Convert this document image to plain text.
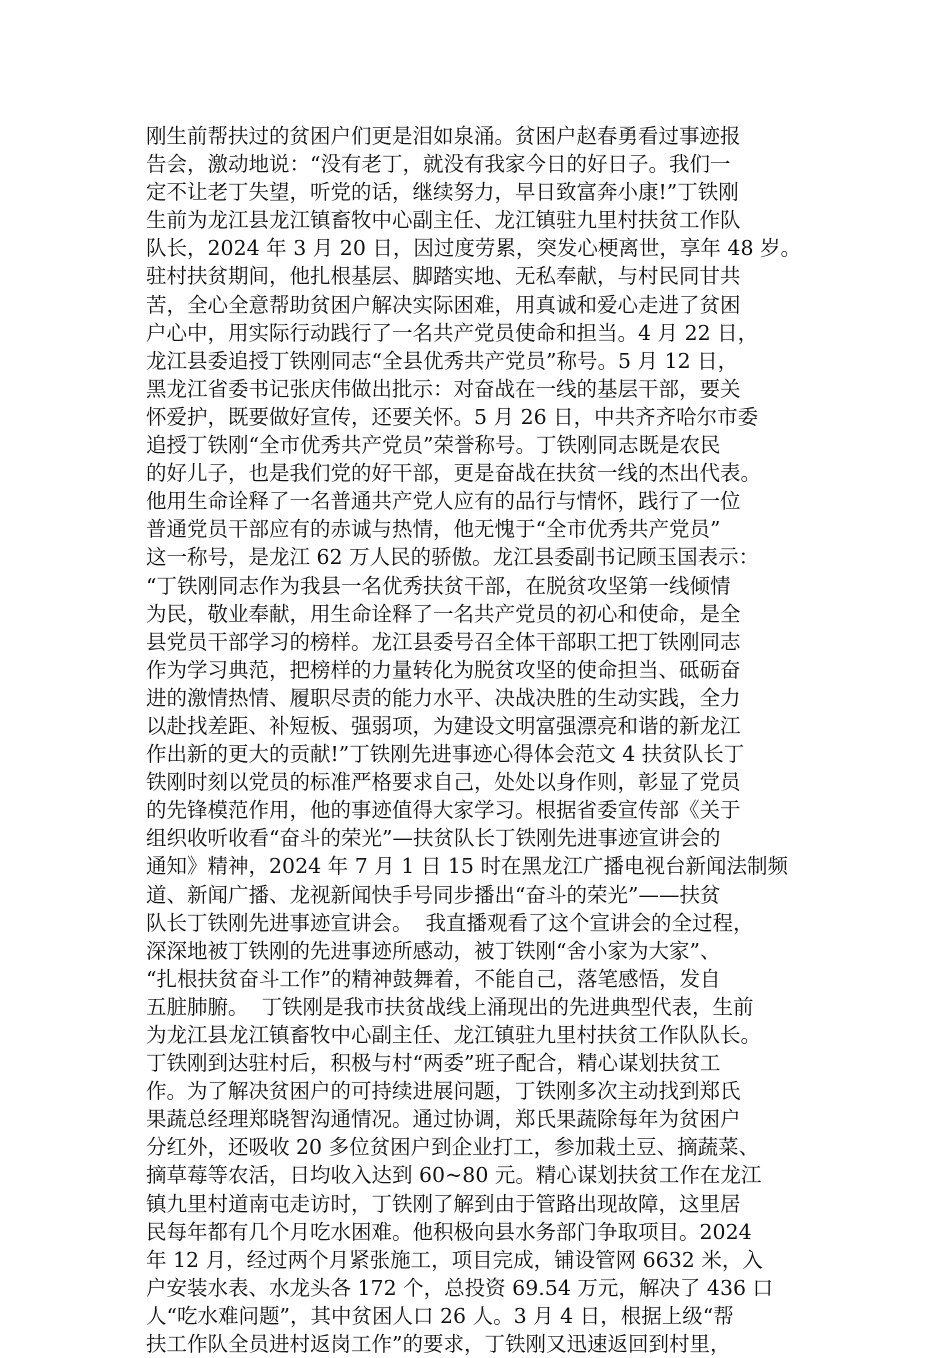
刚生前帮扶过的贫困户们更是泪如泉涌。贫困户赵春勇看过事迹报
告会，激动地说：“没有老丁，就没有我家今日的好日子。我们一
定不让老丁失望，听党的话，继续努力，早日致富奔小康!”丁铁刚
生前为龙江县龙江镇畜牧中心副主任、龙江镇驻九里村扶贫工作队
队长，2024 年 3 月 20 日，因过度劳累，突发心梗离世，享年 48 岁。
驻村扶贫期间，他扎根基层、脚踏实地、无私奉献，与村民同甘共
苦，全心全意帮助贫困户解决实际困难，用真诚和爱心走进了贫困
户心中，用实际行动践行了一名共产党员使命和担当。4 月 22 日，
龙江县委追授丁铁刚同志“全县优秀共产党员”称号。5 月 12 日，
黑龙江省委书记张庆伟做出批示：对奋战在一线的基层干部，要关
怀爱护，既要做好宣传，还要关怀。5 月 26 日，中共齐齐哈尔市委
追授丁铁刚“全市优秀共产党员”荣誉称号。丁铁刚同志既是农民
的好儿子，也是我们党的好干部，更是奋战在扶贫一线的杰出代表。
他用生命诠释了一名普通共产党人应有的品行与情怀，践行了一位
普通党员干部应有的赤诚与热情，他无愧于“全市优秀共产党员”
这一称号，是龙江 62 万人民的骄傲。龙江县委副书记顾玉国表示：
“丁铁刚同志作为我县一名优秀扶贫干部，在脱贫攻坚第一线倾情
为民，敬业奉献，用生命诠释了一名共产党员的初心和使命，是全
县党员干部学习的榜样。龙江县委号召全体干部职工把丁铁刚同志
作为学习典范，把榜样的力量转化为脱贫攻坚的使命担当、砥砺奋
进的激情热情、履职尽责的能力水平、决战决胜的生动实践，全力
以赴找差距、补短板、强弱项，为建设文明富强漂亮和谐的新龙江
作出新的更大的贡献!”丁铁刚先进事迹心得体会范文 4 扶贫队长丁
铁刚时刻以党员的标准严格要求自己，处处以身作则，彰显了党员
的先锋模范作用，他的事迹值得大家学习。根据省委宣传部《关于
组织收听收看“奋斗的荣光”—扶贫队长丁铁刚先进事迹宣讲会的
通知》精神，2024 年 7 月 1 日 15 时在黑龙江广播电视台新闻法制频
道、新闻广播、龙视新闻快手号同步播出“奋斗的荣光”——扶贫
队长丁铁刚先进事迹宣讲会。  我直播观看了这个宣讲会的全过程，
深深地被丁铁刚的先进事迹所感动，被丁铁刚“舍小家为大家”、
“扎根扶贫奋斗工作”的精神鼓舞着，不能自己，落笔感悟，发自
五脏肺腑。  丁铁刚是我市扶贫战线上涌现出的先进典型代表，生前
为龙江县龙江镇畜牧中心副主任、龙江镇驻九里村扶贫工作队队长。
丁铁刚到达驻村后，积极与村“两委”班子配合，精心谋划扶贫工
作。为了解决贫困户的可持续进展问题，丁铁刚多次主动找到郑氏
果蔬总经理郑晓智沟通情况。通过协调，郑氏果蔬除每年为贫困户
分红外，还吸收 20 多位贫困户到企业打工，参加栽土豆、摘蔬菜、
摘草莓等农活，日均收入达到 60~80 元。精心谋划扶贫工作在龙江
镇九里村道南屯走访时，丁铁刚了解到由于管路出现故障，这里居
民每年都有几个月吃水困难。他积极向县水务部门争取项目。2024
年 12 月，经过两个月紧张施工，项目完成，铺设管网 6632 米，入
户安装水表、水龙头各 172 个，总投资 69.54 万元，解决了 436 口
人“吃水难问题”，其中贫困人口 26 人。3 月 4 日，根据上级“帮
扶工作队全员进村返岗工作”的要求，丁铁刚又迅速返回到村里，
